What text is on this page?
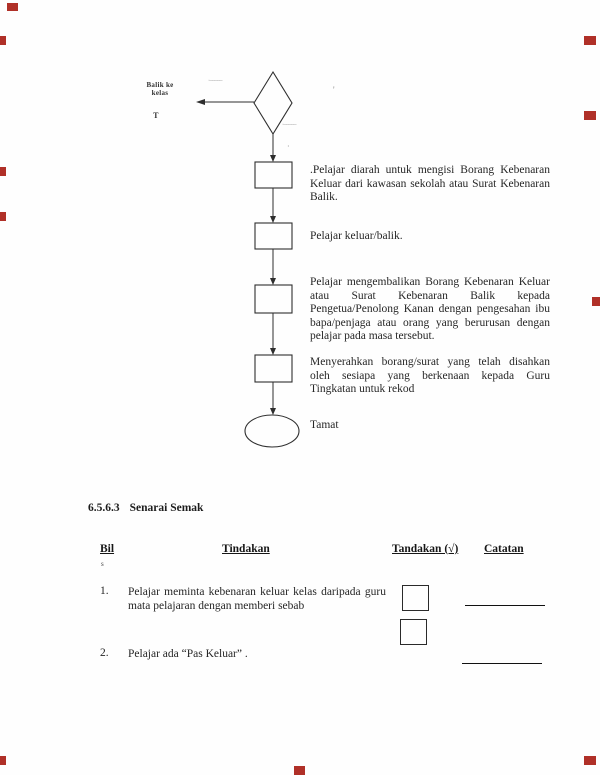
Balik ke
kelas
T
·‒‒‒‒‒
·‒‒‒‒‒
·
'
.Pelajar diarah untuk mengisi Borang Kebenaran Keluar dari kawasan sekolah atau Surat Kebenaran Balik.
Pelajar keluar/balik.
Pelajar mengembalikan Borang Kebenaran Keluar atau Surat Kebenaran Balik kepada Pengetua/Penolong Kanan dengan pengesahan ibu bapa/penjaga atau orang yang berurusan dengan pelajar pada masa tersebut.
Menyerahkan borang/surat yang telah disahkan oleh sesiapa yang berkenaan kepada Guru Tingkatan untuk rekod
Tamat
6.5.6.3 Senarai Semak
Bil	Tindakan	Tandakan (√) Catatan
s
1. Pelajar meminta kebenaran keluar kelas daripada guru mata pelajaran dengan memberi sebab
2. Pelajar ada “Pas Keluar” .
